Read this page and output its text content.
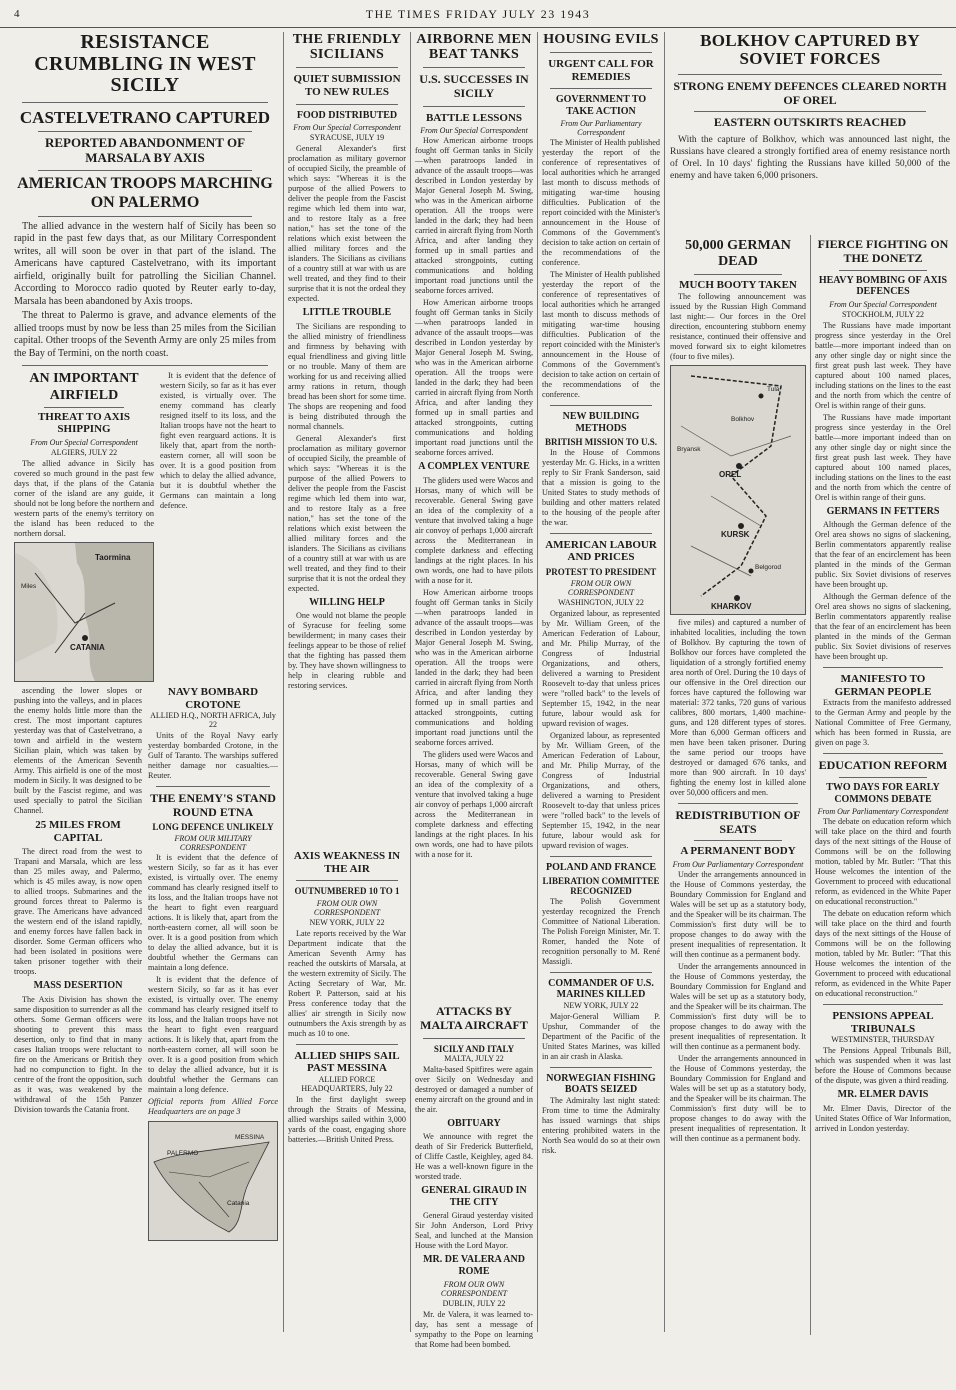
4	THE TIMES FRIDAY JULY 23 1943
RESISTANCE CRUMBLING IN WEST SICILY
CASTELVETRANO CAPTURED
REPORTED ABANDONMENT OF MARSALA BY AXIS
AMERICAN TROOPS MARCHING ON PALERMO

The allied advance in the western half of Sicily has been so rapid in the past few days that, as our Military Correspondent writes, all will soon be over in that part of the island. The Americans have captured Castelvetrano, with its important airfield, originally built for patrolling the Sicilian Channel. According to Morocco radio quoted by Reuter early to-day, Marsala has been abandoned by Axis troops.

The threat to Palermo is grave, and advance elements of the allied troops must by now be less than 25 miles from the Sicilian capital. Other troops of the Seventh Army are only 25 miles from the Bay of Termini, on the north coast.

AN IMPORTANT AIRFIELD
THREAT TO AXIS SHIPPING
From Our Special Correspondent
ALGIERS, JULY 22

The allied advance in Sicily has covered so much ground in the past few days that, if the plans of the Catania corner of the island are any guide, it should not be long before the northern and western parts of the enemy's territory on the island has been reduced to the northern dorsal.

Taormina
CATANIA
Miles

It is evident that the defence of western Sicily, so far as it has ever existed, is virtually over. The enemy command has clearly resigned itself to its loss, and the Italian troops have not the heart to fight even rearguard actions. It is likely that, apart from the north-eastern corner, all will soon be over. It is a good position from which to delay the allied advance, but it is doubtful whether the Germans can maintain a long defence.

ascending the lower slopes or pushing into the valleys, and in places the enemy holds little more than the crest. The most important captures yesterday was that of Castelvetrano, a town and airfield in the western Sicilian plain, which was taken by elements of the American Seventh Army. This airfield is one of the most modern in Sicily. It was designed to be built by the Fascist regime, and was used specially to patrol the Sicilian Channel.

25 MILES FROM CAPITAL

The direct road from the west to Trapani and Marsala, which are less than 25 miles away, and Palermo, which is 45 miles away, is now open to allied troops. Submarines and the ground forces threat to Palermo is grave. The Americans have advanced the western end of the island rapidly, and enemy forces have fallen back in disorder. Some German officers who had been isolated in positions were taken prisoner together with their troops.

MASS DESERTION

The Axis Division has shown the same disposition to surrender as all the others. Some German officers were shooting to prevent this mass desertion, only to find that in many cases Italian troops were reluctant to fire on the Americans or British they had no compunction to fight. In the centre of the front the opposition, such as it was, was weakened by the withdrawal of the 15th Panzer Division towards the Catania front.

NAVY BOMBARD CROTONE
ALLIED H.Q., NORTH AFRICA, July 22

Units of the Royal Navy early yesterday bombarded Crotone, in the Gulf of Taranto. The warships suffered neither damage nor casualties.—Reuter.

THE ENEMY'S STAND ROUND ETNA
LONG DEFENCE UNLIKELY
FROM OUR MILITARY CORRESPONDENT

It is evident that the defence of western Sicily, so far as it has ever existed, is virtually over. The enemy command has clearly resigned itself to its loss, and the Italian troops have not the heart to fight even rearguard actions. It is likely that, apart from the north-eastern corner, all will soon be over. It is a good position from which to delay the allied advance, but it is doubtful whether the Germans can maintain a long defence.

It is evident that the defence of western Sicily, so far as it has ever existed, is virtually over. The enemy command has clearly resigned itself to its loss, and the Italian troops have not the heart to fight even rearguard actions. It is likely that, apart from the north-eastern corner, all will soon be over. It is a good position from which to delay the allied advance, but it is doubtful whether the Germans can maintain a long defence.

Official reports from Allied Force Headquarters are on page 3
PALERMO
Catania
MESSINA
THE FRIENDLY SICILIANS
QUIET SUBMISSION TO NEW RULES
FOOD DISTRIBUTED
From Our Special Correspondent
SYRACUSE, JULY 19

General Alexander's first proclamation as military governor of occupied Sicily, the preamble of which says: "Whereas it is the purpose of the allied Powers to deliver the people from the Fascist regime which led them into war, and to restore Italy as a free nation," has set the tone of the relations which exist between the allied military forces and the islanders. The Sicilians as civilians of a country still at war with us are well treated, and they find to their surprise that it is not the ordeal they expected.

LITTLE TROUBLE

The Sicilians are responding to the allied ministry of friendliness and firmness by behaving with equal friendliness and giving little or no trouble. Many of them are working for us and receiving allied army rations in return, though bread has been short for some time. The shops are reopening and food is being distributed through the normal channels.

General Alexander's first proclamation as military governor of occupied Sicily, the preamble of which says: "Whereas it is the purpose of the allied Powers to deliver the people from the Fascist regime which led them into war, and to restore Italy as a free nation," has set the tone of the relations which exist between the allied military forces and the islanders. The Sicilians as civilians of a country still at war with us are well treated, and they find to their surprise that it is not the ordeal they expected.

WILLING HELP

One would not blame the people of Syracuse for feeling some bewilderment; in many cases their feelings appear to be those of relief that the fighting has passed them by. They have shown willingness to help in clearing rubble and restoring services.

AXIS WEAKNESS IN THE AIR
OUTNUMBERED 10 TO 1
FROM OUR OWN CORRESPONDENT
NEW YORK, JULY 22

Late reports received by the War Department indicate that the American Seventh Army has reached the outskirts of Marsala, at the western extremity of Sicily. The Acting Secretary of War, Mr. Robert P. Patterson, said at his Press conference today that the allies' air strength in Sicily now outnumbers the Axis strength by as much as 10 to one.

ALLIED SHIPS SAIL PAST MESSINA
ALLIED FORCE HEADQUARTERS, July 22

In the first daylight sweep through the Straits of Messina, allied warships sailed within 3,000 yards of the coast, engaging shore batteries.—British United Press.

AIRBORNE MEN BEAT TANKS
U.S. SUCCESSES IN SICILY
BATTLE LESSONS
From Our Special Correspondent

How American airborne troops fought off German tanks in Sicily—when paratroops landed in advance of the assault troops—was described in London yesterday by Major General Joseph M. Swing, who was in the American airborne operation. All the troops were landed in the dark; they had been carried in aircraft flying from North Africa, and after landing they formed up in small parties and attacked strongpoints, cutting communications and holding important road junctions until the seaborne forces arrived.

How American airborne troops fought off German tanks in Sicily—when paratroops landed in advance of the assault troops—was described in London yesterday by Major General Joseph M. Swing, who was in the American airborne operation. All the troops were landed in the dark; they had been carried in aircraft flying from North Africa, and after landing they formed up in small parties and attacked strongpoints, cutting communications and holding important road junctions until the seaborne forces arrived.

A COMPLEX VENTURE

The gliders used were Wacos and Horsas, many of which will be recoverable. General Swing gave an idea of the complexity of a venture that involved taking a huge air convoy of perhaps 1,000 aircraft across the Mediterranean in complete darkness and effecting landings at the right places. In his own words, one had to have pilots with a nose for it.

How American airborne troops fought off German tanks in Sicily—when paratroops landed in advance of the assault troops—was described in London yesterday by Major General Joseph M. Swing, who was in the American airborne operation. All the troops were landed in the dark; they had been carried in aircraft flying from North Africa, and after landing they formed up in small parties and attacked strongpoints, cutting communications and holding important road junctions until the seaborne forces arrived.

The gliders used were Wacos and Horsas, many of which will be recoverable. General Swing gave an idea of the complexity of a venture that involved taking a huge air convoy of perhaps 1,000 aircraft across the Mediterranean in complete darkness and effecting landings at the right places. In his own words, one had to have pilots with a nose for it.

ATTACKS BY MALTA AIRCRAFT
SICILY AND ITALY
MALTA, JULY 22

Malta-based Spitfires were again over Sicily on Wednesday and destroyed or damaged a number of enemy aircraft on the ground and in the air.

OBITUARY

We announce with regret the death of Sir Frederick Butterfield, of Cliffe Castle, Keighley, aged 84. He was a well-known figure in the worsted trade.

GENERAL GIRAUD IN THE CITY

General Giraud yesterday visited Sir John Anderson, Lord Privy Seal, and lunched at the Mansion House with the Lord Mayor.

MR. DE VALERA AND ROME
FROM OUR OWN CORRESPONDENT
DUBLIN, JULY 22

Mr. de Valera, it was learned to-day, has sent a message of sympathy to the Pope on learning that Rome had been bombed.

HOUSING EVILS
URGENT CALL FOR REMEDIES
GOVERNMENT TO TAKE ACTION
From Our Parliamentary Correspondent

The Minister of Health published yesterday the report of the conference of representatives of local authorities which he arranged last month to discuss methods of mitigating war-time housing difficulties. Publication of the report coincided with the Minister's announcement in the House of Commons of the Government's decision to take action on certain of the recommendations of the conference.

The Minister of Health published yesterday the report of the conference of representatives of local authorities which he arranged last month to discuss methods of mitigating war-time housing difficulties. Publication of the report coincided with the Minister's announcement in the House of Commons of the Government's decision to take action on certain of the recommendations of the conference.

NEW BUILDING METHODS
BRITISH MISSION TO U.S.

In the House of Commons yesterday Mr. G. Hicks, in a written reply to Sir Frank Sanderson, said that a mission is going to the United States to study methods of building and other matters related to the housing of the people after the war.

AMERICAN LABOUR AND PRICES
PROTEST TO PRESIDENT
FROM OUR OWN CORRESPONDENT
WASHINGTON, JULY 22

Organized labour, as represented by Mr. William Green, of the American Federation of Labour, and Mr. Philip Murray, of the Congress of Industrial Organizations, and others, delivered a warning to President Roosevelt to-day that unless prices were "rolled back" to the levels of September 15, 1942, in the near future, labour would ask for upward revision of wages.

Organized labour, as represented by Mr. William Green, of the American Federation of Labour, and Mr. Philip Murray, of the Congress of Industrial Organizations, and others, delivered a warning to President Roosevelt to-day that unless prices were "rolled back" to the levels of September 15, 1942, in the near future, labour would ask for upward revision of wages.

POLAND AND FRANCE
LIBERATION COMMITTEE RECOGNIZED

The Polish Government yesterday recognized the French Committee of National Liberation. The Polish Foreign Minister, Mr. T. Romer, handed the Note of recognition personally to M. René Massigli.

COMMANDER OF U.S. MARINES KILLED
NEW YORK, JULY 22

Major-General William P. Upshur, Commander of the Department of the Pacific of the United States Marines, was killed in an air crash in Alaska.

NORWEGIAN FISHING BOATS SEIZED

The Admiralty last night stated: From time to time the Admiralty has issued warnings that ships entering prohibited waters in the North Sea would do so at their own risk.

BOLKHOV CAPTURED BY SOVIET FORCES
STRONG ENEMY DEFENCES CLEARED NORTH OF OREL
EASTERN OUTSKIRTS REACHED

With the capture of Bolkhov, which was announced last night, the Russians have cleared a strongly fortified area of enemy resistance north of Orel. In 10 days' fighting the Russians have killed 50,000 of the enemy and have taken 6,000 prisoners.

50,000 GERMAN DEAD
MUCH BOOTY TAKEN

The following announcement was issued by the Russian High Command last night:— Our forces in the Orel direction, encountering stubborn enemy resistance, continued their offensive and moved forward six to eight kilometres (four to five miles).

Tula
Bolkhov
OREL
KURSK
Belgorod
KHARKOV
Bryansk

five miles) and captured a number of inhabited localities, including the town of Bolkhov. By capturing the town of Bolkhov our forces have completed the liquidation of a strongly fortified enemy area north of Orel. During the 10 days of our offensive in the Orel direction our forces have captured the following war material: 372 tanks, 720 guns of various calibres, 800 mortars, 1,400 machine-guns, and 128 different types of stores. More than 6,000 German officers and men have been taken prisoner. During the same period our troops have destroyed or damaged 676 tanks, and more than 900 aircraft. In 10 days' fighting the enemy lost in killed alone over 50,000 officers and men.

REDISTRIBUTION OF SEATS
A PERMANENT BODY
From Our Parliamentary Correspondent

Under the arrangements announced in the House of Commons yesterday, the Boundary Commission for England and Wales will be set up as a statutory body, and the Speaker will be its chairman. The Commission's first duty will be to propose changes to do away with the present inequalities of representation. It will then continue as a permanent body.

Under the arrangements announced in the House of Commons yesterday, the Boundary Commission for England and Wales will be set up as a statutory body, and the Speaker will be its chairman. The Commission's first duty will be to propose changes to do away with the present inequalities of representation. It will then continue as a permanent body.

Under the arrangements announced in the House of Commons yesterday, the Boundary Commission for England and Wales will be set up as a statutory body, and the Speaker will be its chairman. The Commission's first duty will be to propose changes to do away with the present inequalities of representation. It will then continue as a permanent body.

FIERCE FIGHTING ON THE DONETZ
HEAVY BOMBING OF AXIS DEFENCES
From Our Special Correspondent
STOCKHOLM, JULY 22

The Russians have made important progress since yesterday in the Orel battle—more important indeed than on any other single day or night since the first great push last week. They have captured about 100 named places, including stations on the lines to the east and the north from which the centre of Orel is within range of their guns.

The Russians have made important progress since yesterday in the Orel battle—more important indeed than on any other single day or night since the first great push last week. They have captured about 100 named places, including stations on the lines to the east and the north from which the centre of Orel is within range of their guns.

GERMANS IN FETTERS

Although the German defence of the Orel area shows no signs of slackening, Berlin commentators apparently realise that the fear of an encirclement has been planted in the minds of the German public. Six Soviet divisions of reserves have been brought up.

Although the German defence of the Orel area shows no signs of slackening, Berlin commentators apparently realise that the fear of an encirclement has been planted in the minds of the German public. Six Soviet divisions of reserves have been brought up.

MANIFESTO TO GERMAN PEOPLE

Extracts from the manifesto addressed to the German Army and people by the National Committee of Free Germany, which has been formed in Russia, are given on page 3.

EDUCATION REFORM
TWO DAYS FOR EARLY COMMONS DEBATE
From Our Parliamentary Correspondent

The debate on education reform which will take place on the third and fourth days of the next sittings of the House of Commons will be on the following motion, tabled by Mr. Butler: "That this House welcomes the intention of the Government to proceed with educational reform, as evidenced in the White Paper on educational reconstruction."

The debate on education reform which will take place on the third and fourth days of the next sittings of the House of Commons will be on the following motion, tabled by Mr. Butler: "That this House welcomes the intention of the Government to proceed with educational reform, as evidenced in the White Paper on educational reconstruction."

PENSIONS APPEAL TRIBUNALS
WESTMINSTER, THURSDAY

The Pensions Appeal Tribunals Bill, which was suspended when it was last before the House of Commons because of the dispute, was given a third reading.

MR. ELMER DAVIS

Mr. Elmer Davis, Director of the United States Office of War Information, arrived in London yesterday.
